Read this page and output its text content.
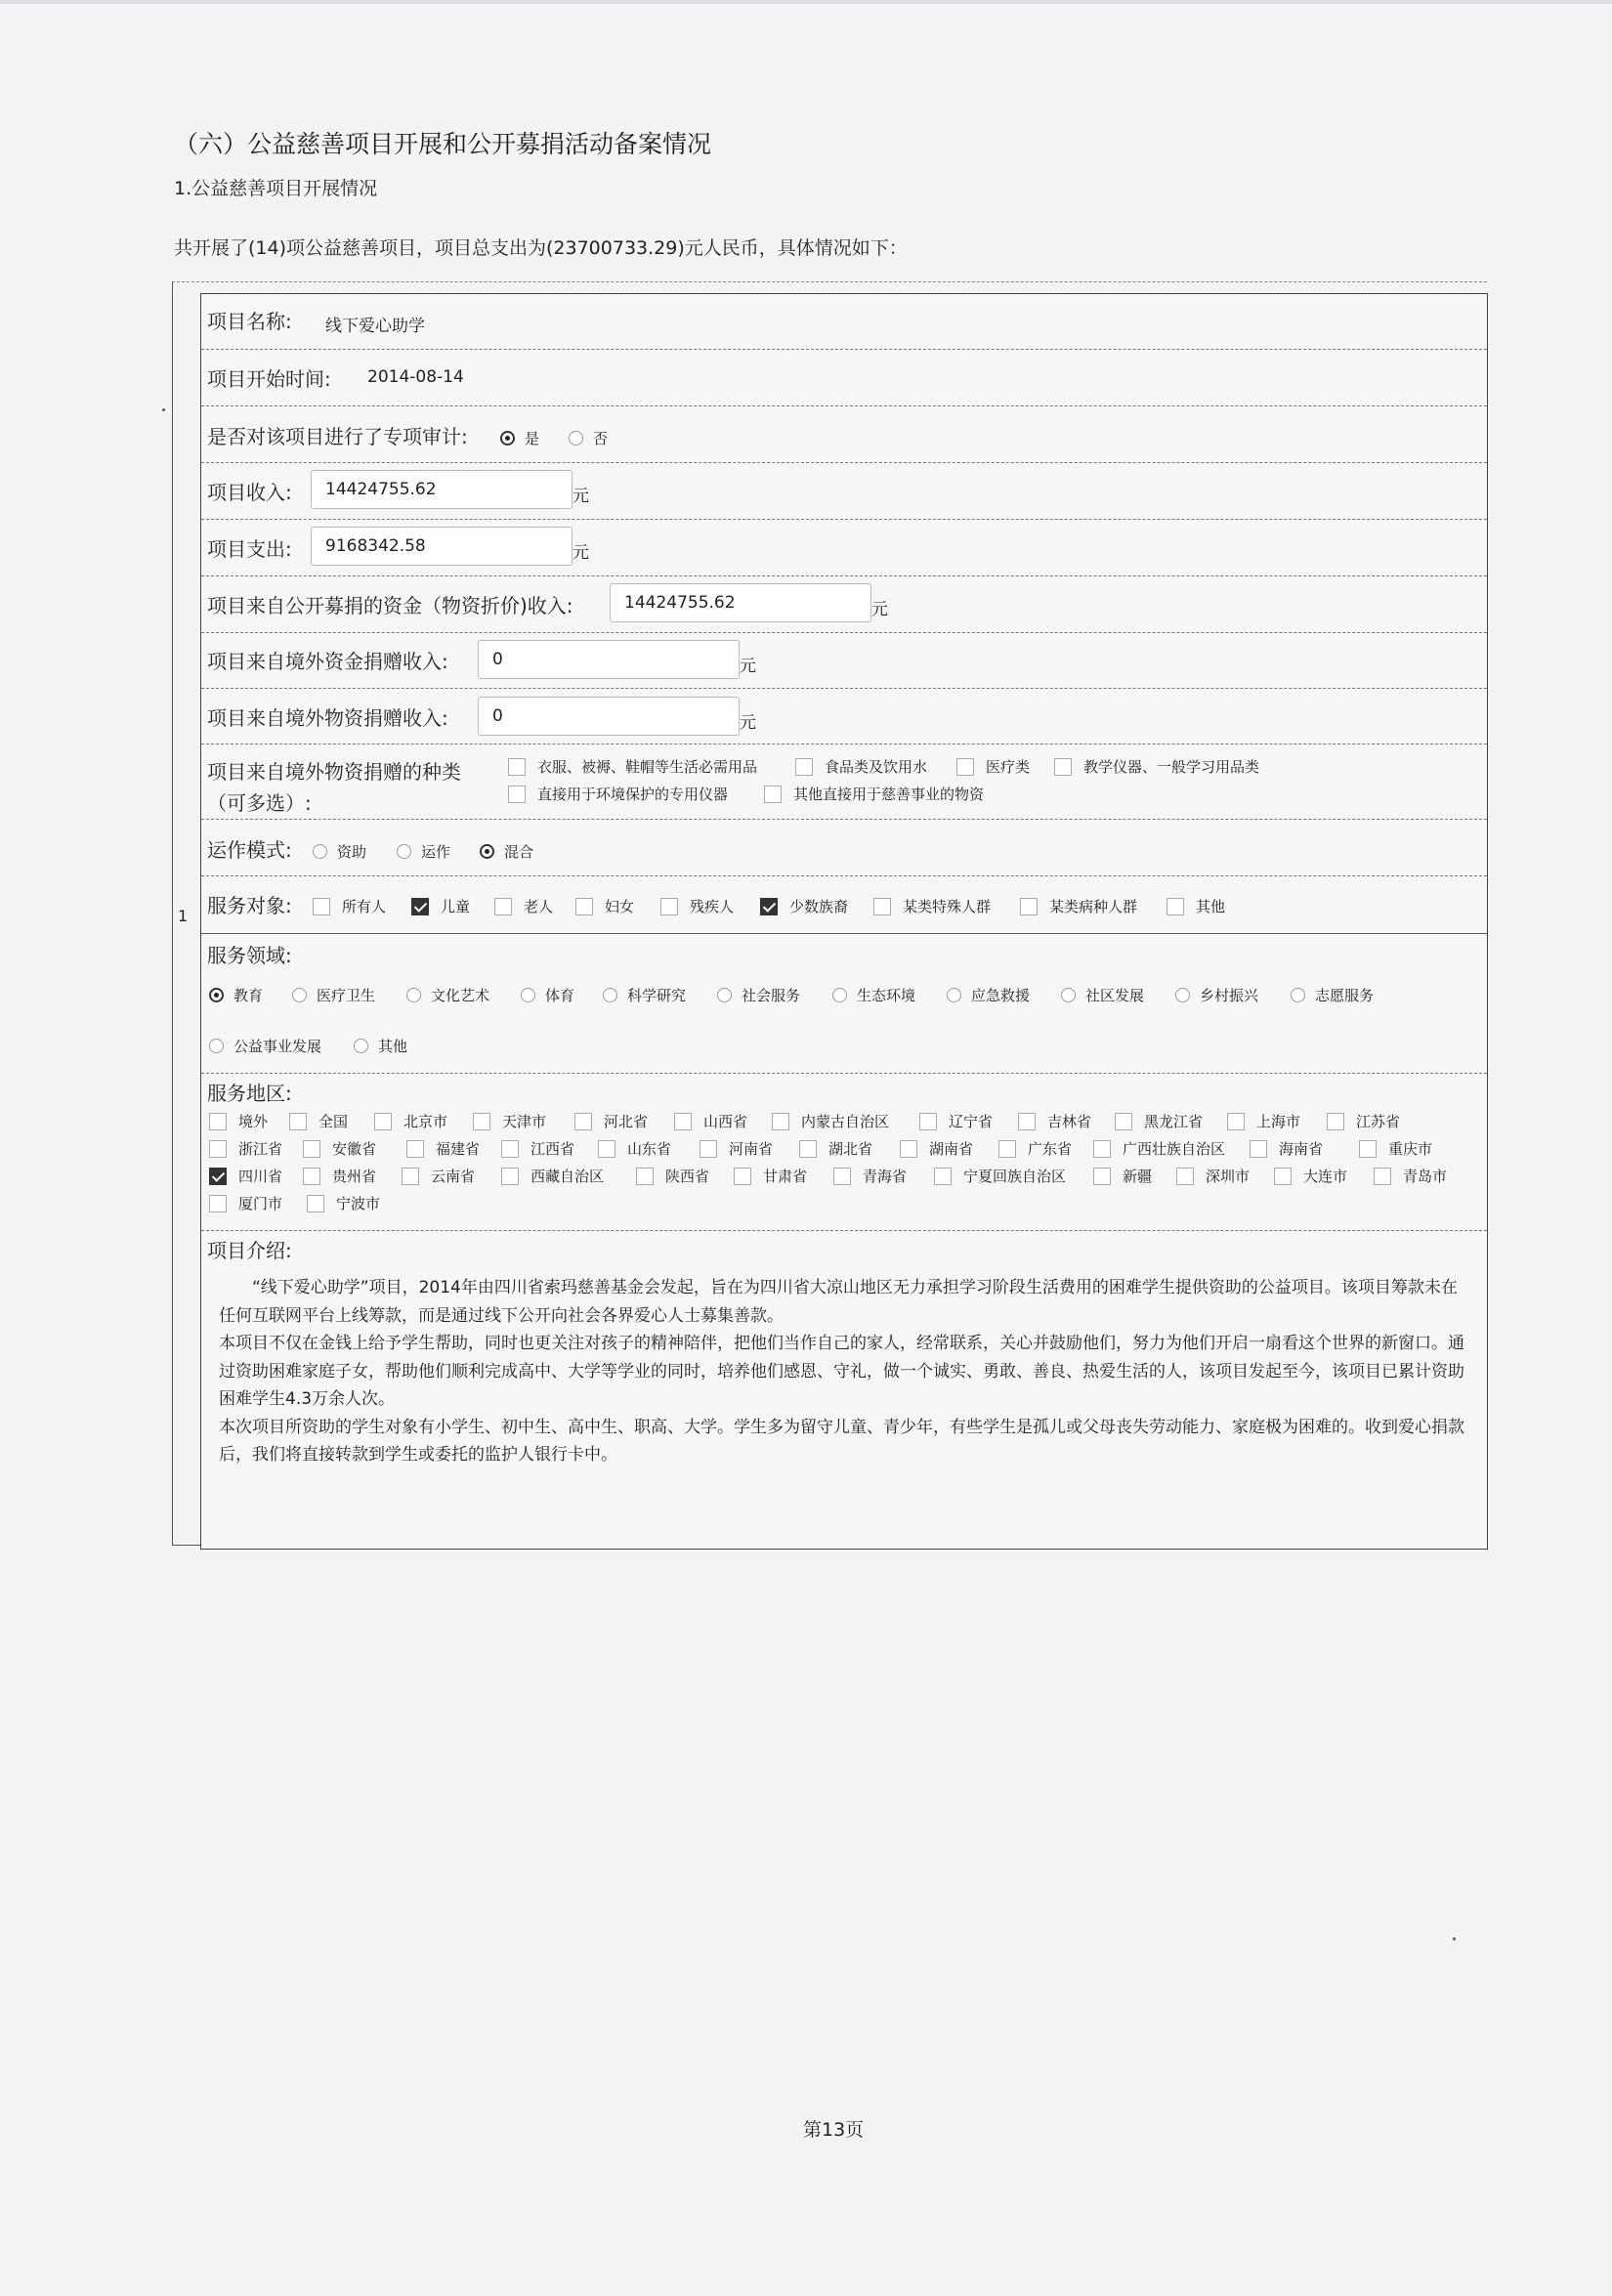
（六）公益慈善项目开展和公开募捐活动备案情况
1.公益慈善项目开展情况
共开展了(14)项公益慈善项目，项目总支出为(23700733.29)元人民币，具体情况如下：
1
项目名称: 线下爱心助学
项目开始时间: 2014-08-14
是否对该项目进行了专项审计:	是	否
项目收入:	14424755.62	元
项目支出:	9168342.58	元
项目来自公开募捐的资金（物资折价)收入:	14424755.62	元
项目来自境外资金捐赠收入:	0	元
项目来自境外物资捐赠收入:	0	元
项目来自境外物资捐赠的种类
（可多选）:
衣服、被褥、鞋帽等生活必需用品	食品类及饮用水	医疗类	教学仪器、一般学习用品类
直接用于环境保护的专用仪器	其他直接用于慈善事业的物资
运作模式:	资助	运作	混合
服务对象:	所有人	儿童	老人	妇女	残疾人	少数族裔	某类特殊人群	某类病种人群	其他
服务领域:
教育	医疗卫生	文化艺术	体育	科学研究	社会服务	生态环境	应急救援	社区发展	乡村振兴	志愿服务
公益事业发展	其他
服务地区:
境外	全国	北京市	天津市	河北省	山西省	内蒙古自治区	辽宁省	吉林省	黑龙江省	上海市	江苏省
浙江省	安徽省	福建省	江西省	山东省	河南省	湖北省	湖南省	广东省	广西壮族自治区	海南省	重庆市
四川省	贵州省	云南省	西藏自治区	陕西省	甘肃省	青海省	宁夏回族自治区	新疆	深圳市	大连市	青岛市
厦门市	宁波市
项目介绍:

“线下爱心助学”项目，2014年由四川省索玛慈善基金会发起，旨在为四川省大凉山地区无力承担学习阶段生活费用的困难学生提供资助的公益项目。该项目筹款未在任何互联网平台上线筹款，而是通过线下公开向社会各界爱心人士募集善款。

本项目不仅在金钱上给予学生帮助，同时也更关注对孩子的精神陪伴，把他们当作自己的家人，经常联系，关心并鼓励他们，努力为他们开启一扇看这个世界的新窗口。通过资助困难家庭子女，帮助他们顺利完成高中、大学等学业的同时，培养他们感恩、守礼，做一个诚实、勇敢、善良、热爱生活的人，该项目发起至今，该项目已累计资助困难学生4.3万余人次。

本次项目所资助的学生对象有小学生、初中生、高中生、职高、大学。学生多为留守儿童、青少年，有些学生是孤儿或父母丧失劳动能力、家庭极为困难的。收到爱心捐款后，我们将直接转款到学生或委托的监护人银行卡中。

第13页
